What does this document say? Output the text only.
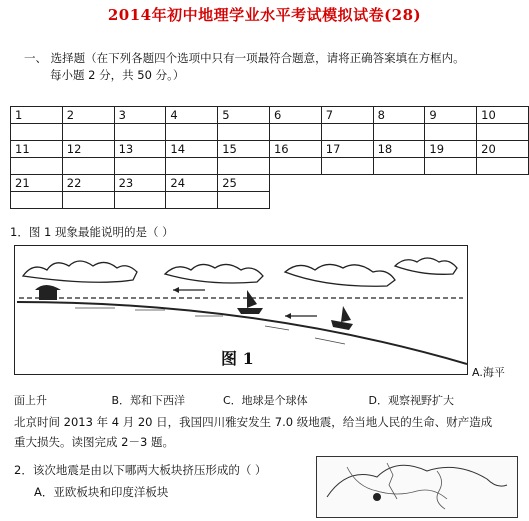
2014年初中地理学业水平考试模拟试卷(28)
一、 选择题（在下列各题四个选项中只有一项最符合题意，请将正确答案填在方框内。
每小题 2 分，共 50 分。）
1	2	3	4	5	6	7	8	9	10

11	12	13	14	15	16	17	18	19	20

21	22	23	24	25					

1．图 1 现象最能说明的是（ ）
图 1
A.海平
面上升	B．郑和下西洋	C．地球是个球体	D．观察视野扩大
北京时间 2013 年 4 月 20 日，我国四川雅安发生 7.0 级地震，给当地人民的生命、财产造成
重大损失。读图完成 2－3 题。
2．该次地震是由以下哪两大板块挤压形成的（ ）
A．亚欧板块和印度洋板块
